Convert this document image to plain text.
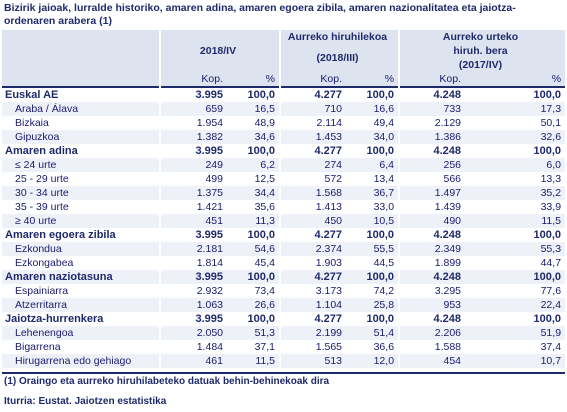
Bizirik jaioak, lurralde historiko, amaren adina, amaren egoera zibila, amaren nazionalitatea eta jaiotza-ordenaren arabera (1)
	2018/IV		Aurreko hiruhilekoa		Aurreko urteko	
			(2018/III)		hiruh. bera
(2017/IV)	
	Kop.	%	Kop.	%	Kop.	%
Euskal AE	3.995	100,0	4.277	100,0	4.248	100,0
Araba / Álava	659	16,5	710	16,6	733	17,3
Bizkaia	1.954	48,9	2.114	49,4	2.129	50,1
Gipuzkoa	1.382	34,6	1.453	34,0	1.386	32,6
Amaren adina	3.995	100,0	4.277	100,0	4.248	100,0
≤ 24 urte	249	6,2	274	6,4	256	6,0
25 - 29 urte	499	12,5	572	13,4	566	13,3
30 - 34 urte	1.375	34,4	1.568	36,7	1.497	35,2
35 - 39 urte	1.421	35,6	1.413	33,0	1.439	33,9
≥ 40 urte	451	11,3	450	10,5	490	11,5
Amaren egoera zibila	3.995	100,0	4.277	100,0	4.248	100,0
Ezkondua	2.181	54,6	2.374	55,5	2.349	55,3
Ezkongabea	1.814	45,4	1.903	44,5	1.899	44,7
Amaren naziotasuna	3.995	100,0	4.277	100,0	4.248	100,0
Espainiarra	2.932	73,4	3.173	74,2	3.295	77,6
Atzerritarra	1.063	26,6	1.104	25,8	953	22,4
Jaiotza-hurrenkera	3.995	100,0	4.277	100,0	4.248	100,0
Lehenengoa	2.050	51,3	2.199	51,4	2.206	51,9
Bigarrena	1.484	37,1	1.565	36,6	1.588	37,4
Hirugarrena edo gehiago	461	11,5	513	12,0	454	10,7
(1) Oraingo eta aurreko hiruhilabeteko datuak behin-behinekoak dira
Iturria: Eustat. Jaiotzen estatistika
